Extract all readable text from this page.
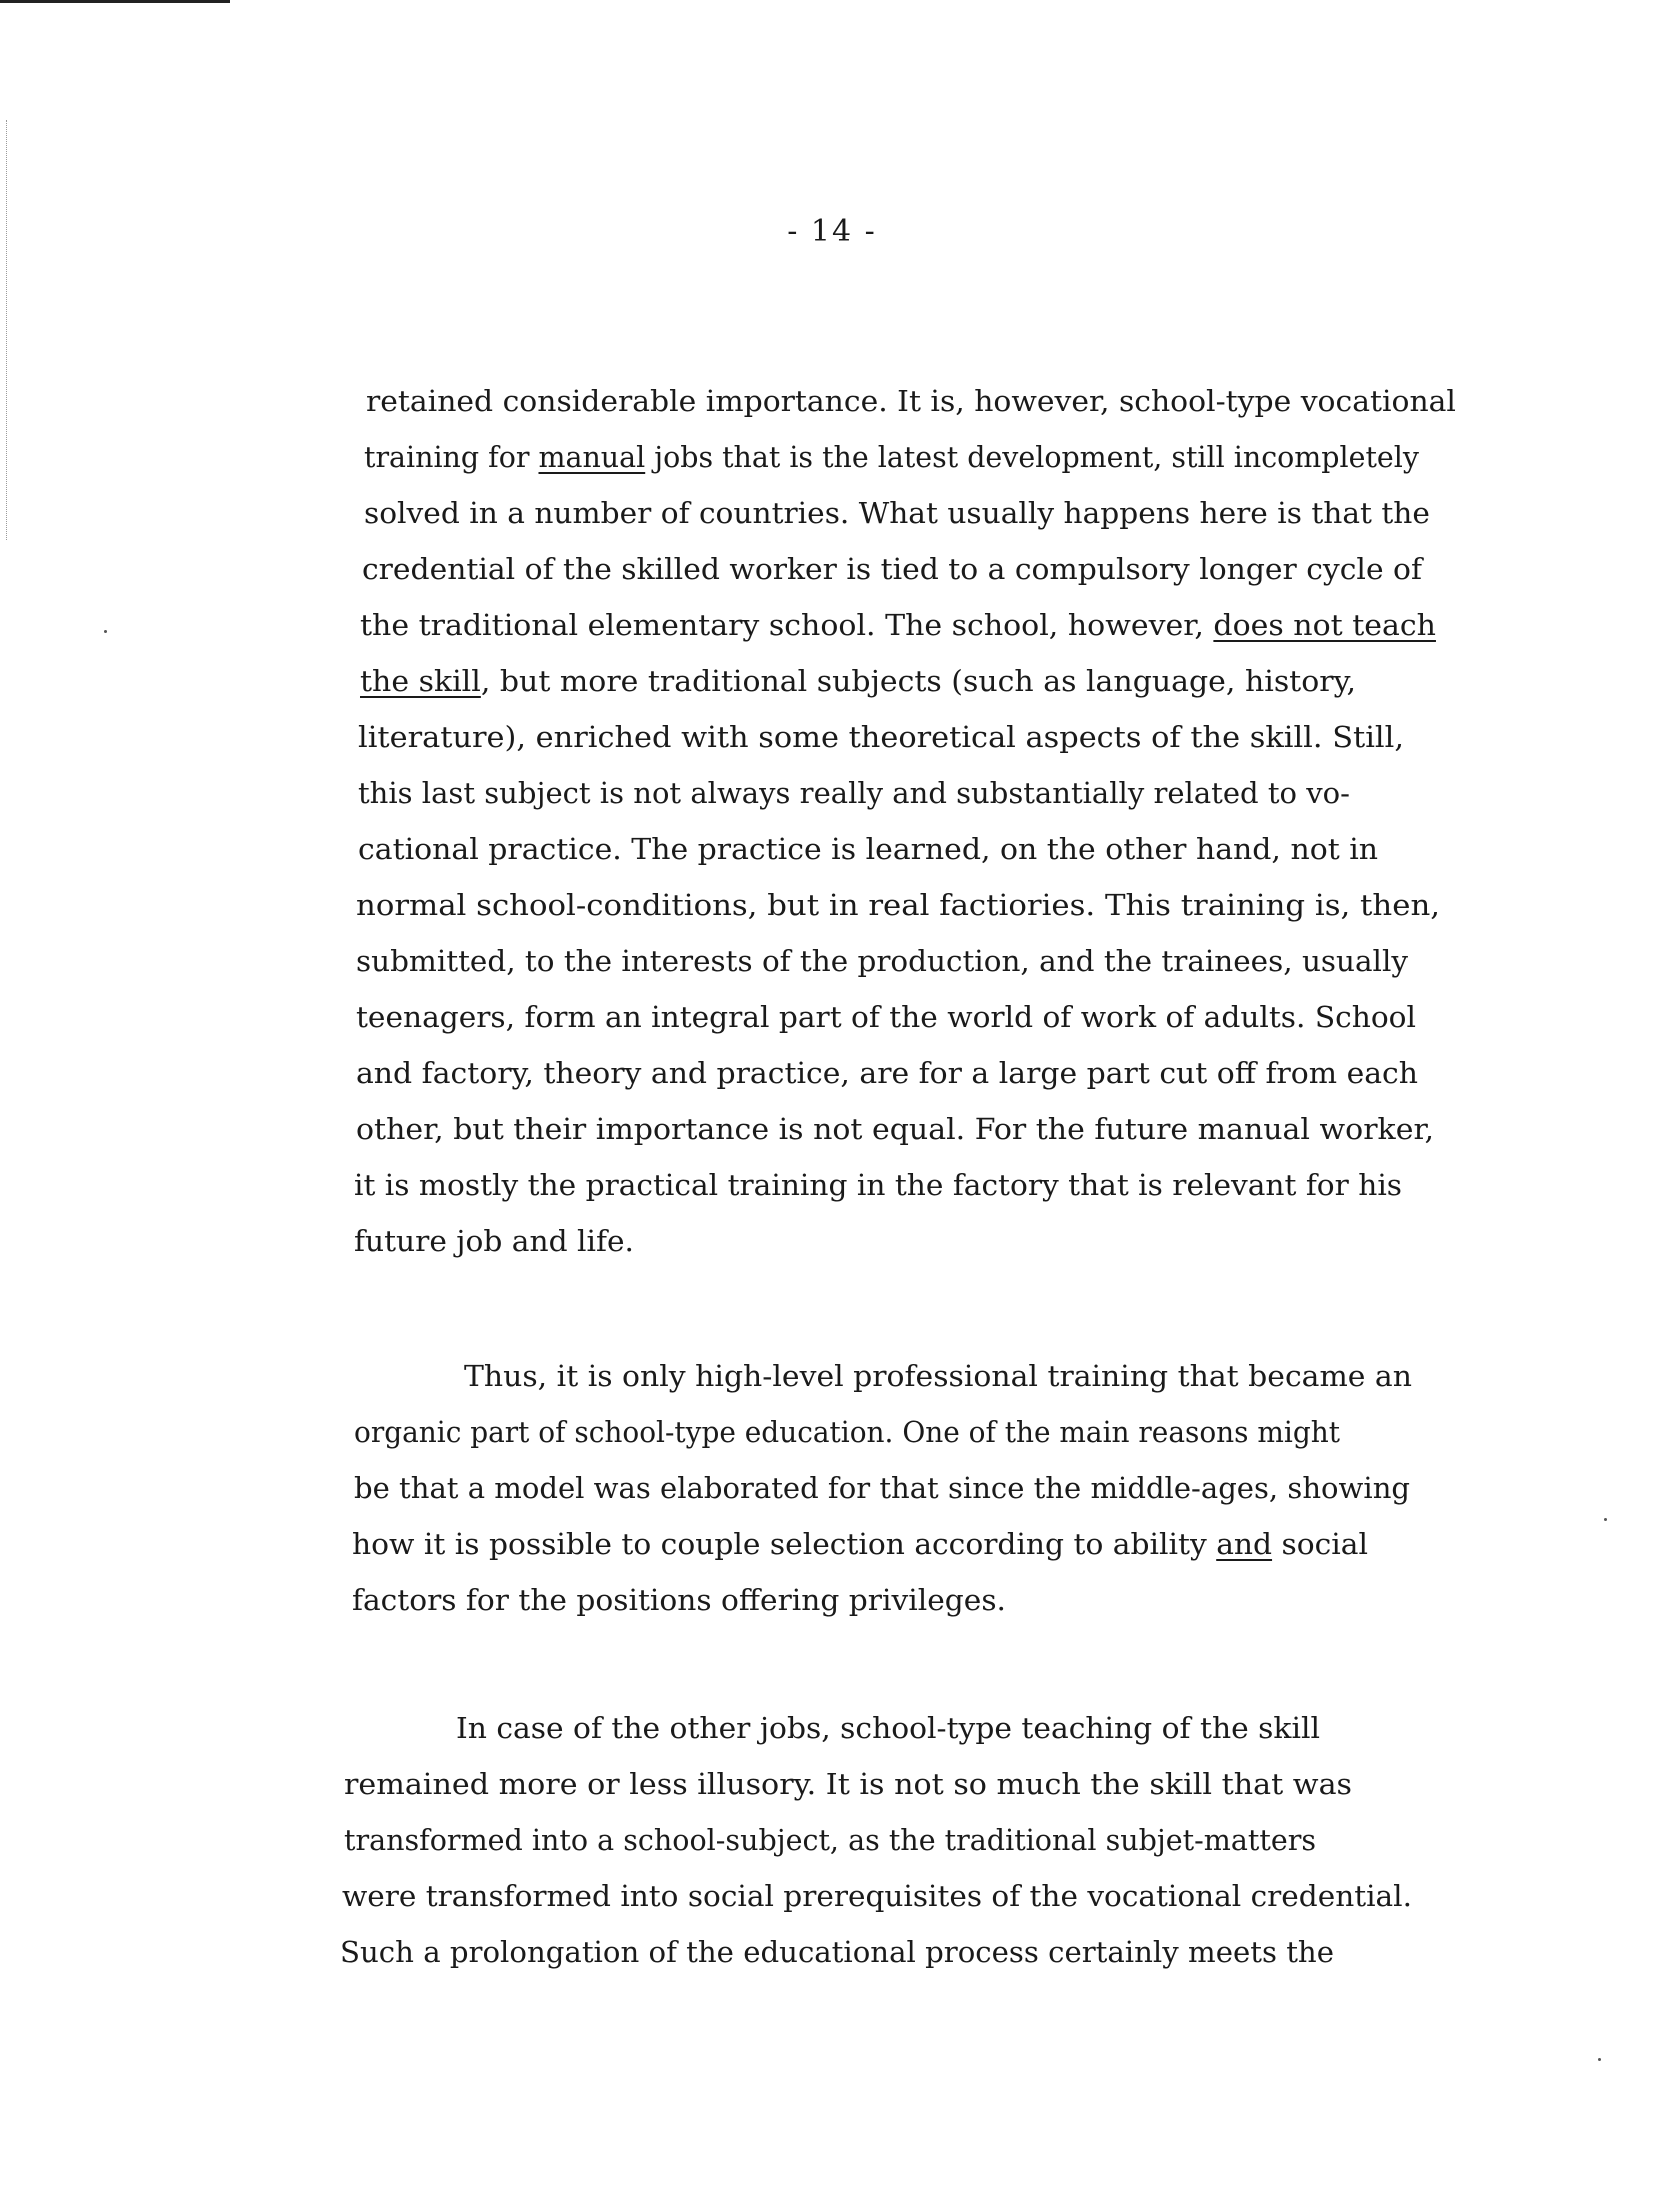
- 14 -
retained considerable importance. It is, however, school-type vocational
training for manual jobs that is the latest development, still incompletely
solved in a number of countries. What usually happens here is that the
credential of the skilled worker is tied to a compulsory longer cycle of
the traditional elementary school. The school, however, does not teach
the skill, but more traditional subjects (such as language, history,
literature), enriched with some theoretical aspects of the skill. Still,
this last subject is not always really and substantially related to vo-
cational practice. The practice is learned, on the other hand, not in
normal school-conditions, but in real factiories. This training is, then,
submitted, to the interests of the production, and the trainees, usually
teenagers, form an integral part of the world of work of adults. School
and factory, theory and practice, are for a large part cut off from each
other, but their importance is not equal. For the future manual worker,
it is mostly the practical training in the factory that is relevant for his
future job and life.
Thus, it is only high-level professional training that became an
organic part of school-type education. One of the main reasons might
be that a model was elaborated for that since the middle-ages, showing
how it is possible to couple selection according to ability and social
factors for the positions offering privileges.
In case of the other jobs, school-type teaching of the skill
remained more or less illusory. It is not so much the skill that was
transformed into a school-subject, as the traditional subjet-matters
were transformed into social prerequisites of the vocational credential.
Such a prolongation of the educational process certainly meets the
